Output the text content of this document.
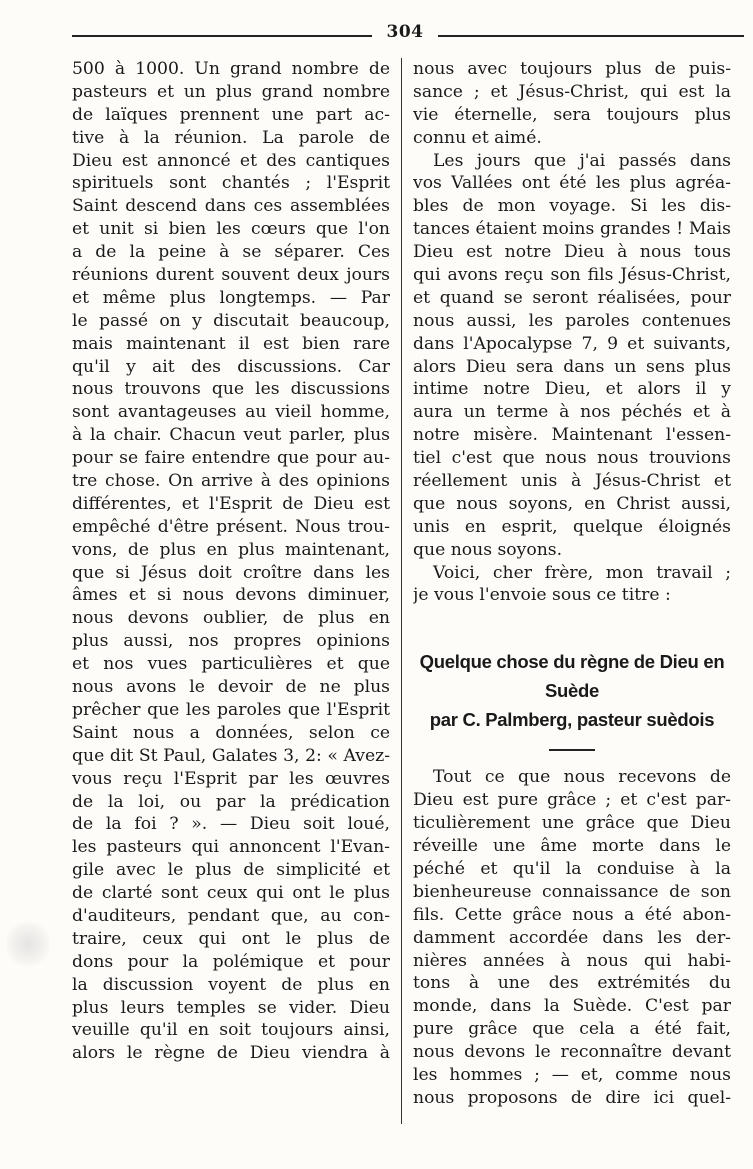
304
500 à 1000. Un grand nombre de
pasteurs et un plus grand nombre
de laïques prennent une part ac-
tive à la réunion. La parole de
Dieu est annoncé et des cantiques
spirituels sont chantés ; l'Esprit
Saint descend dans ces assemblées
et unit si bien les cœurs que l'on
a de la peine à se séparer. Ces
réunions durent souvent deux jours
et même plus longtemps. — Par
le passé on y discutait beaucoup,
mais maintenant il est bien rare
qu'il y ait des discussions. Car
nous trouvons que les discussions
sont avantageuses au vieil homme,
à la chair. Chacun veut parler, plus
pour se faire entendre que pour au-
tre chose. On arrive à des opinions
différentes, et l'Esprit de Dieu est
empêché d'être présent. Nous trou-
vons, de plus en plus maintenant,
que si Jésus doit croître dans les
âmes et si nous devons diminuer,
nous devons oublier, de plus en
plus aussi, nos propres opinions
et nos vues particulières et que
nous avons le devoir de ne plus
prêcher que les paroles que l'Esprit
Saint nous a données, selon ce
que dit St Paul, Galates 3, 2: « Avez-
vous reçu l'Esprit par les œuvres
de la loi, ou par la prédication
de la foi ? ». — Dieu soit loué,
les pasteurs qui annoncent l'Evan-
gile avec le plus de simplicité et
de clarté sont ceux qui ont le plus
d'auditeurs, pendant que, au con-
traire, ceux qui ont le plus de
dons pour la polémique et pour
la discussion voyent de plus en
plus leurs temples se vider. Dieu
veuille qu'il en soit toujours ainsi,
alors le règne de Dieu viendra à
nous avec toujours plus de puis-
sance ; et Jésus-Christ, qui est la
vie éternelle, sera toujours plus
connu et aimé.
Les jours que j'ai passés dans
vos Vallées ont été les plus agréa-
bles de mon voyage. Si les dis-
tances étaient moins grandes ! Mais
Dieu est notre Dieu à nous tous
qui avons reçu son fils Jésus-Christ,
et quand se seront réalisées, pour
nous aussi, les paroles contenues
dans l'Apocalypse 7, 9 et suivants,
alors Dieu sera dans un sens plus
intime notre Dieu, et alors il y
aura un terme à nos péchés et à
notre misère. Maintenant l'essen-
tiel c'est que nous nous trouvions
réellement unis à Jésus-Christ et
que nous soyons, en Christ aussi,
unis en esprit, quelque éloignés
que nous soyons.
Voici, cher frère, mon travail ;
je vous l'envoie sous ce titre :
Quelque chose du règne de Dieu en Suède
par C. Palmberg, pasteur suèdois
Tout ce que nous recevons de
Dieu est pure grâce ; et c'est par-
ticulièrement une grâce que Dieu
réveille une âme morte dans le
péché et qu'il la conduise à la
bienheureuse connaissance de son
fils. Cette grâce nous a été abon-
damment accordée dans les der-
nières années à nous qui habi-
tons à une des extrémités du
monde, dans la Suède. C'est par
pure grâce que cela a été fait,
nous devons le reconnaître devant
les hommes ; — et, comme nous
nous proposons de dire ici quel-
